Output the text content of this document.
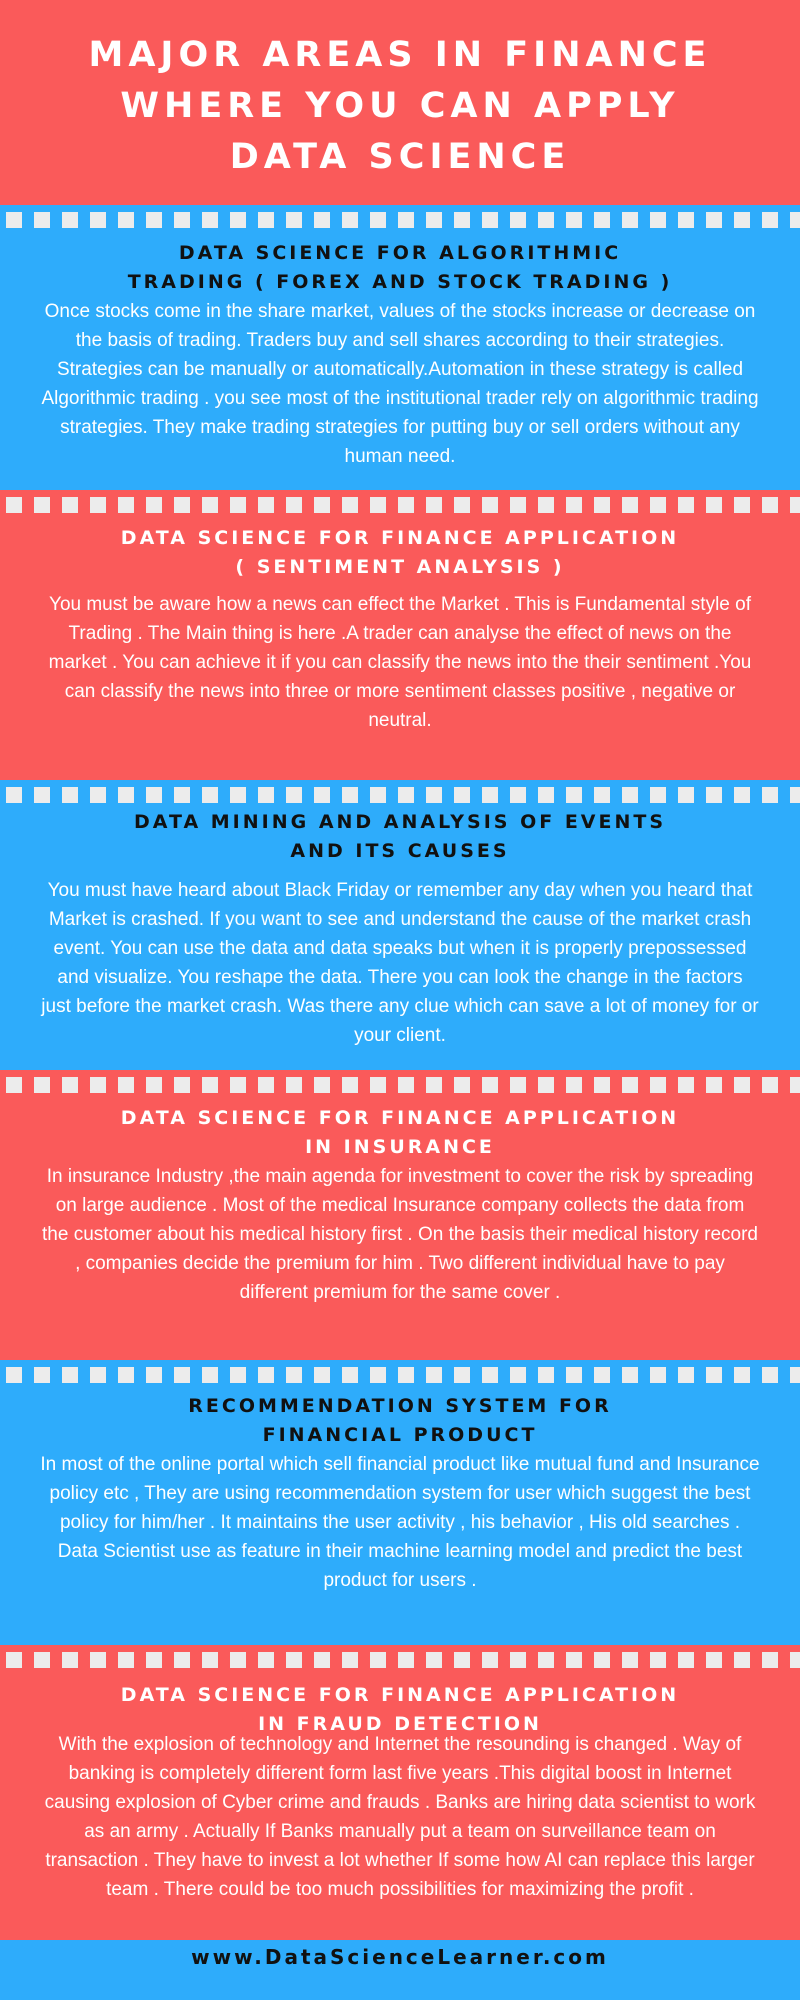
MAJOR AREAS IN FINANCE
WHERE YOU CAN APPLY
DATA SCIENCE
DATA SCIENCE FOR ALGORITHMIC
TRADING ( FOREX AND STOCK TRADING )
Once stocks come in the share market, values of the stocks increase or decrease on the basis of trading. Traders buy and sell shares according to their strategies. Strategies can be manually or automatically.Automation in these strategy is called Algorithmic trading . you see most of the institutional trader rely on algorithmic trading strategies. They make trading strategies for putting buy or sell orders without any human need.
DATA SCIENCE FOR FINANCE APPLICATION
( SENTIMENT ANALYSIS )
You must be aware how a news can effect the Market . This is Fundamental style of Trading . The Main thing is here .A trader can analyse the effect of news on the market . You can achieve it if you can classify the news into the their sentiment .You can classify the news into three or more sentiment classes positive , negative or neutral.
DATA MINING AND ANALYSIS OF EVENTS
AND ITS CAUSES
You must have heard about Black Friday or remember any day when you heard that Market is crashed. If you want to see and understand the cause of the market crash event. You can use the data and data speaks but when it is properly prepossessed and visualize. You reshape the data. There you can look the change in the factors just before the market crash. Was there any clue which can save a lot of money for or your client.
DATA SCIENCE FOR FINANCE APPLICATION
IN INSURANCE
In insurance Industry ,the main agenda for investment to cover the risk by spreading on large audience . Most of the medical Insurance company collects the data from the customer about his medical history first . On the basis their medical history record , companies decide the premium for him . Two different individual have to pay different premium for the same cover .
RECOMMENDATION SYSTEM FOR
FINANCIAL PRODUCT
In most of the online portal which sell financial product like mutual fund and Insurance policy etc , They are using recommendation system for user which suggest the best policy for him/her . It maintains the user activity , his behavior , His old searches . Data Scientist use as feature in their machine learning model and predict the best product for users .
DATA SCIENCE FOR FINANCE APPLICATION
IN FRAUD DETECTION
With the explosion of technology and Internet the resounding is changed . Way of banking is completely different form last five years .This digital boost in Internet causing explosion of Cyber crime and frauds . Banks are hiring data scientist to work as an army . Actually If Banks manually put a team on surveillance team on transaction . They have to invest a lot whether If some how AI can replace this larger team . There could be too much possibilities for maximizing the profit .
www.DataScienceLearner.com
